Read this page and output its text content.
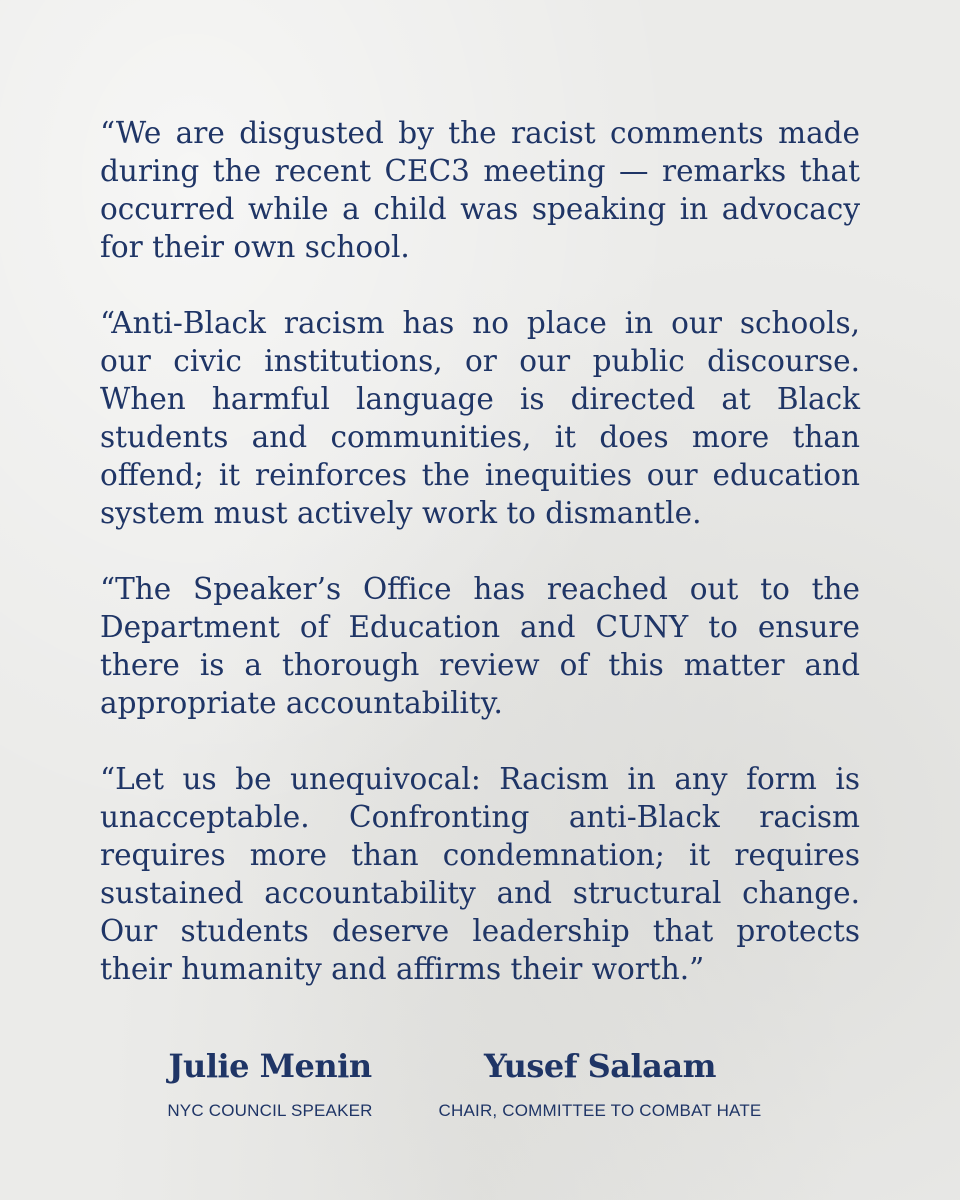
“We are disgusted by the racist comments made during the recent CEC3 meeting — remarks that occurred while a child was speaking in advocacy for their own school.

“Anti-Black racism has no place in our schools, our civic institutions, or our public discourse. When harmful language is directed at Black students and communities, it does more than offend; it reinforces the inequities our education system must actively work to dismantle.

“The Speaker’s Office has reached out to the Department of Education and CUNY to ensure there is a thorough review of this matter and appropriate accountability.

“Let us be unequivocal: Racism in any form is unacceptable. Confronting anti-Black racism requires more than condemnation; it requires sustained accountability and structural change. Our students deserve leadership that protects their humanity and affirms their worth.”

Julie Menin
NYC COUNCIL SPEAKER
Yusef Salaam
CHAIR, COMMITTEE TO COMBAT HATE
